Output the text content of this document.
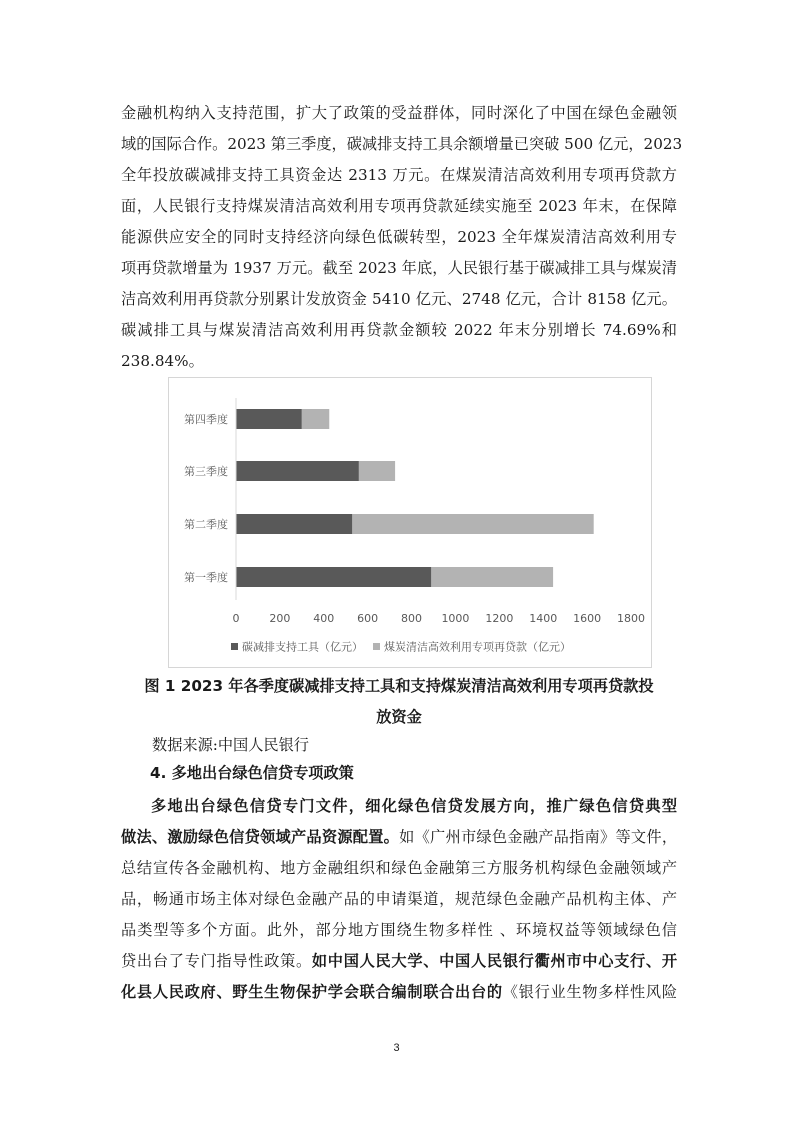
金融机构纳入支持范围，扩大了政策的受益群体，同时深化了中国在绿色金融领
域的国际合作。2023 第三季度，碳减排支持工具余额增量已突破 500 亿元，2023
全年投放碳减排支持工具资金达 2313 万元。在煤炭清洁高效利用专项再贷款方
面，人民银行支持煤炭清洁高效利用专项再贷款延续实施至 2023 年末，在保障
能源供应安全的同时支持经济向绿色低碳转型，2023 全年煤炭清洁高效利用专
项再贷款增量为 1937 万元。截至 2023 年底，人民银行基于碳减排工具与煤炭清
洁高效利用再贷款分别累计发放资金 5410 亿元、2748 亿元，合计 8158 亿元。
碳减排工具与煤炭清洁高效利用再贷款金额较 2022 年末分别增长 74.69%和
238.84%。
第一季度
第二季度
第三季度
第四季度
0	200 400 600 800 1000 1200 1400 1600 1800
碳减排支持工具（亿元） 煤炭清洁高效利用专项再贷款（亿元）

图 1 2023 年各季度碳减排支持工具和支持煤炭清洁高效利用专项再贷款投

放资金

数据来源:中国人民银行

4. 多地出台绿色信贷专项政策

多地出台绿色信贷专门文件，细化绿色信贷发展方向，推广绿色信贷典型
做法、激励绿色信贷领域产品资源配置。如《广州市绿色金融产品指南》等文件，
总结宣传各金融机构、地方金融组织和绿色金融第三方服务机构绿色金融领域产
品，畅通市场主体对绿色金融产品的申请渠道，规范绿色金融产品机构主体、产
品类型等多个方面。此外，部分地方围绕生物多样性 、环境权益等领域绿色信
贷出台了专门指导性政策。如中国人民大学、中国人民银行衢州市中心支行、开
化县人民政府、野生生物保护学会联合编制联合出台的《银行业生物多样性风险
3
